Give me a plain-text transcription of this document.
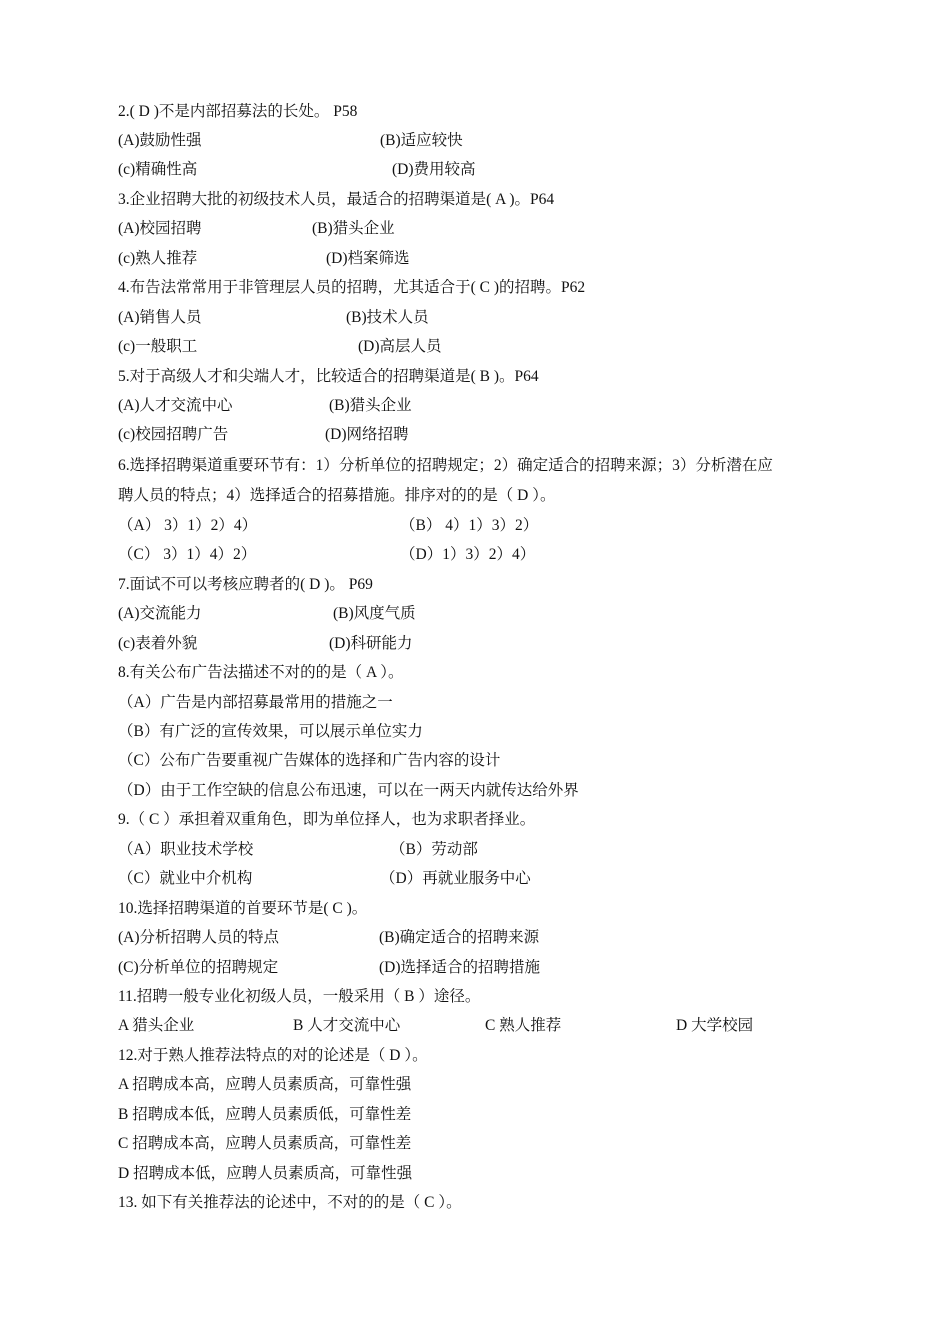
2.( D )不是内部招募法的长处。 P58
(A)鼓励性强	(B)适应较快
(c)精确性高	(D)费用较高
3.企业招聘大批的初级技术人员，最适合的招聘渠道是( A )。P64
(A)校园招聘	(B)猎头企业
(c)熟人推荐	(D)档案筛选
4.布告法常常用于非管理层人员的招聘，尤其适合于( C )的招聘。P62
(A)销售人员	(B)技术人员
(c)一般职工	(D)高层人员
5.对于高级人才和尖端人才，比较适合的招聘渠道是( B )。P64
(A)人才交流中心	(B)猎头企业
(c)校园招聘广告	(D)网络招聘
6.选择招聘渠道重要环节有：1）分析单位的招聘规定；2）确定适合的招聘来源；3）分析潜在应
聘人员的特点；4）选择适合的招募措施。排序对的的是（ D ）。
（A） 3）1）2）4）	（B） 4）1）3）2）
（C） 3）1）4）2）	（D）1）3）2）4）
7.面试不可以考核应聘者的( D )。 P69
(A)交流能力	(B)风度气质
(c)表着外貌	(D)科研能力
8.有关公布广告法描述不对的的是（ A ）。
（A）广告是内部招募最常用的措施之一
（B）有广泛的宣传效果，可以展示单位实力
（C）公布广告要重视广告媒体的选择和广告内容的设计
（D）由于工作空缺的信息公布迅速，可以在一两天内就传达给外界
9.（ C ）承担着双重角色，即为单位择人，也为求职者择业。
（A）职业技术学校	（B）劳动部
（C）就业中介机构	（D）再就业服务中心
10.选择招聘渠道的首要环节是( C )。
(A)分析招聘人员的特点	(B)确定适合的招聘来源
(C)分析单位的招聘规定	(D)选择适合的招聘措施
11.招聘一般专业化初级人员，一般采用（ B ）途径。
A 猎头企业	B 人才交流中心	C 熟人推荐	D 大学校园
12.对于熟人推荐法特点的对的论述是（ D ）。
A 招聘成本高，应聘人员素质高，可靠性强
B 招聘成本低，应聘人员素质低，可靠性差
C 招聘成本高，应聘人员素质高，可靠性差
D 招聘成本低，应聘人员素质高，可靠性强
13. 如下有关推荐法的论述中，不对的的是（ C ）。
